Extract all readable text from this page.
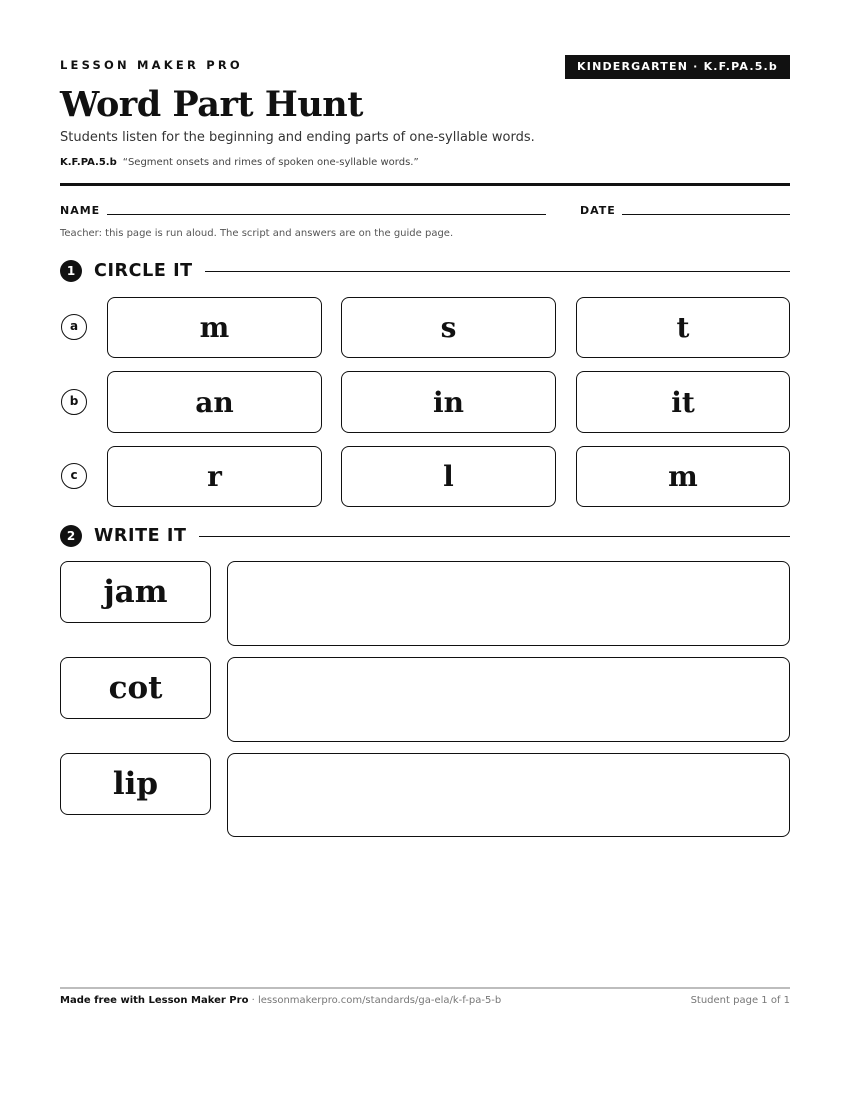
LESSON MAKER PRO	KINDERGARTEN · K.F.PA.5.b
Word Part Hunt
Students listen for the beginning and ending parts of one-syllable words.
K.F.PA.5.b “Segment onsets and rimes of spoken one-syllable words.”
NAME	DATE
Teacher: this page is run aloud. The script and answers are on the guide page.
1	CIRCLE IT
a	m	s	t
b	an	in	it
c	r	l	m
2	WRITE IT
jam
cot
lip
Made free with Lesson Maker Pro · lessonmakerpro.com/standards/ga-ela/k-f-pa-5-b	Student page 1 of 1
